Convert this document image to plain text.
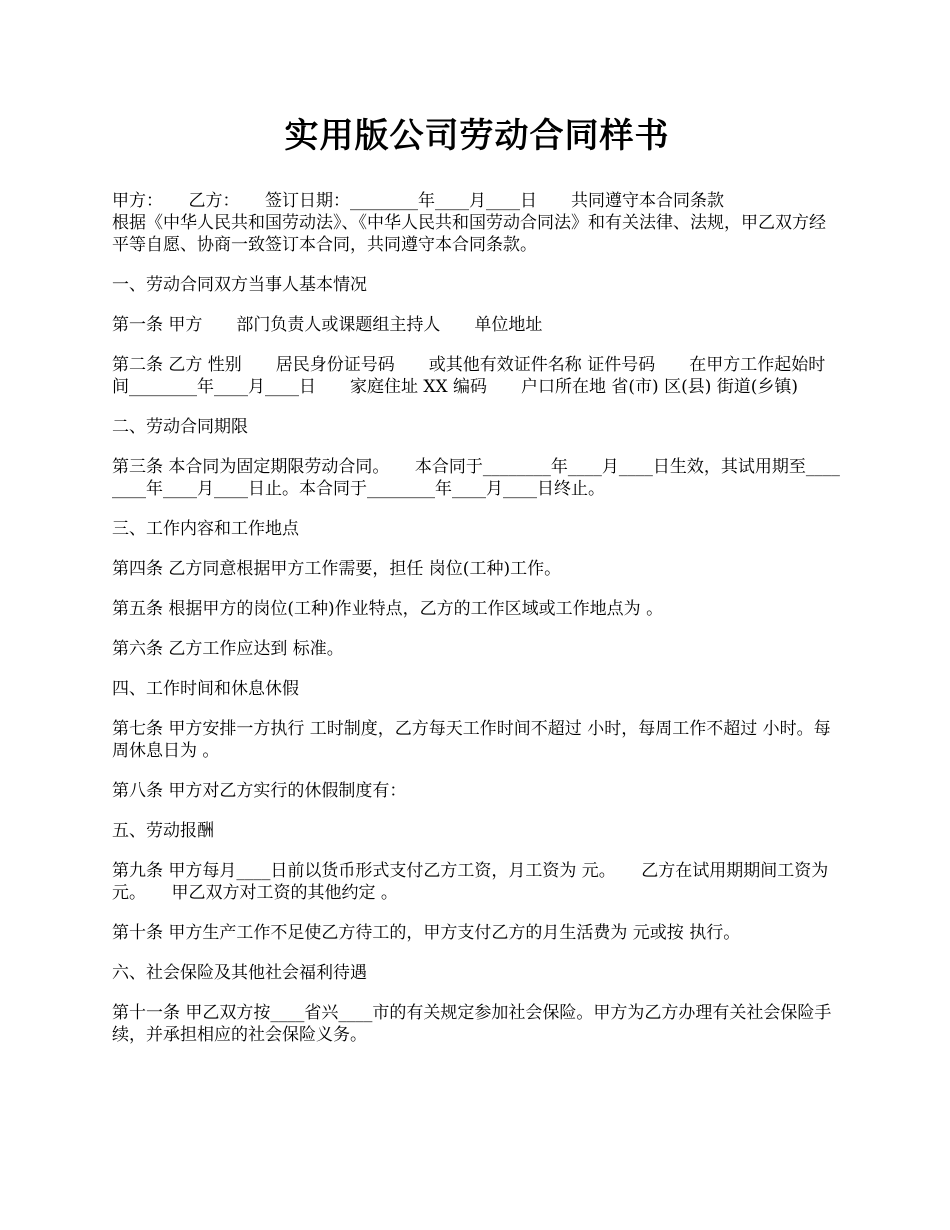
实用版公司劳动合同样书

甲方：　　乙方：　　签订日期：________年____月____日　　共同遵守本合同条款

根据《中华人民共和国劳动法》、《中华人民共和国劳动合同法》和有关法律、法规，甲乙双方经平等自愿、协商一致签订本合同，共同遵守本合同条款。

一、劳动合同双方当事人基本情况

第一条 甲方　　部门负责人或课题组主持人　　单位地址

第二条 乙方 性别　　居民身份证号码　　或其他有效证件名称 证件号码　　在甲方工作起始时间________年____月____日　　家庭住址 XX 编码　　户口所在地 省(市) 区(县) 街道(乡镇)

二、劳动合同期限

第三条 本合同为固定期限劳动合同。　　本合同于________年____月____日生效，其试用期至________年____月____日止。本合同于________年____月____日终止。

三、工作内容和工作地点

第四条 乙方同意根据甲方工作需要，担任 岗位(工种)工作。

第五条 根据甲方的岗位(工种)作业特点，乙方的工作区域或工作地点为 。

第六条 乙方工作应达到 标准。

四、工作时间和休息休假

第七条 甲方安排一方执行 工时制度，乙方每天工作时间不超过 小时，每周工作不超过 小时。每周休息日为 。

第八条 甲方对乙方实行的休假制度有：

五、劳动报酬

第九条 甲方每月____日前以货币形式支付乙方工资，月工资为 元。　　乙方在试用期期间工资为 元。　　甲乙双方对工资的其他约定 。

第十条 甲方生产工作不足使乙方待工的，甲方支付乙方的月生活费为 元或按 执行。

六、社会保险及其他社会福利待遇

第十一条 甲乙双方按____省兴____市的有关规定参加社会保险。甲方为乙方办理有关社会保险手续，并承担相应的社会保险义务。
